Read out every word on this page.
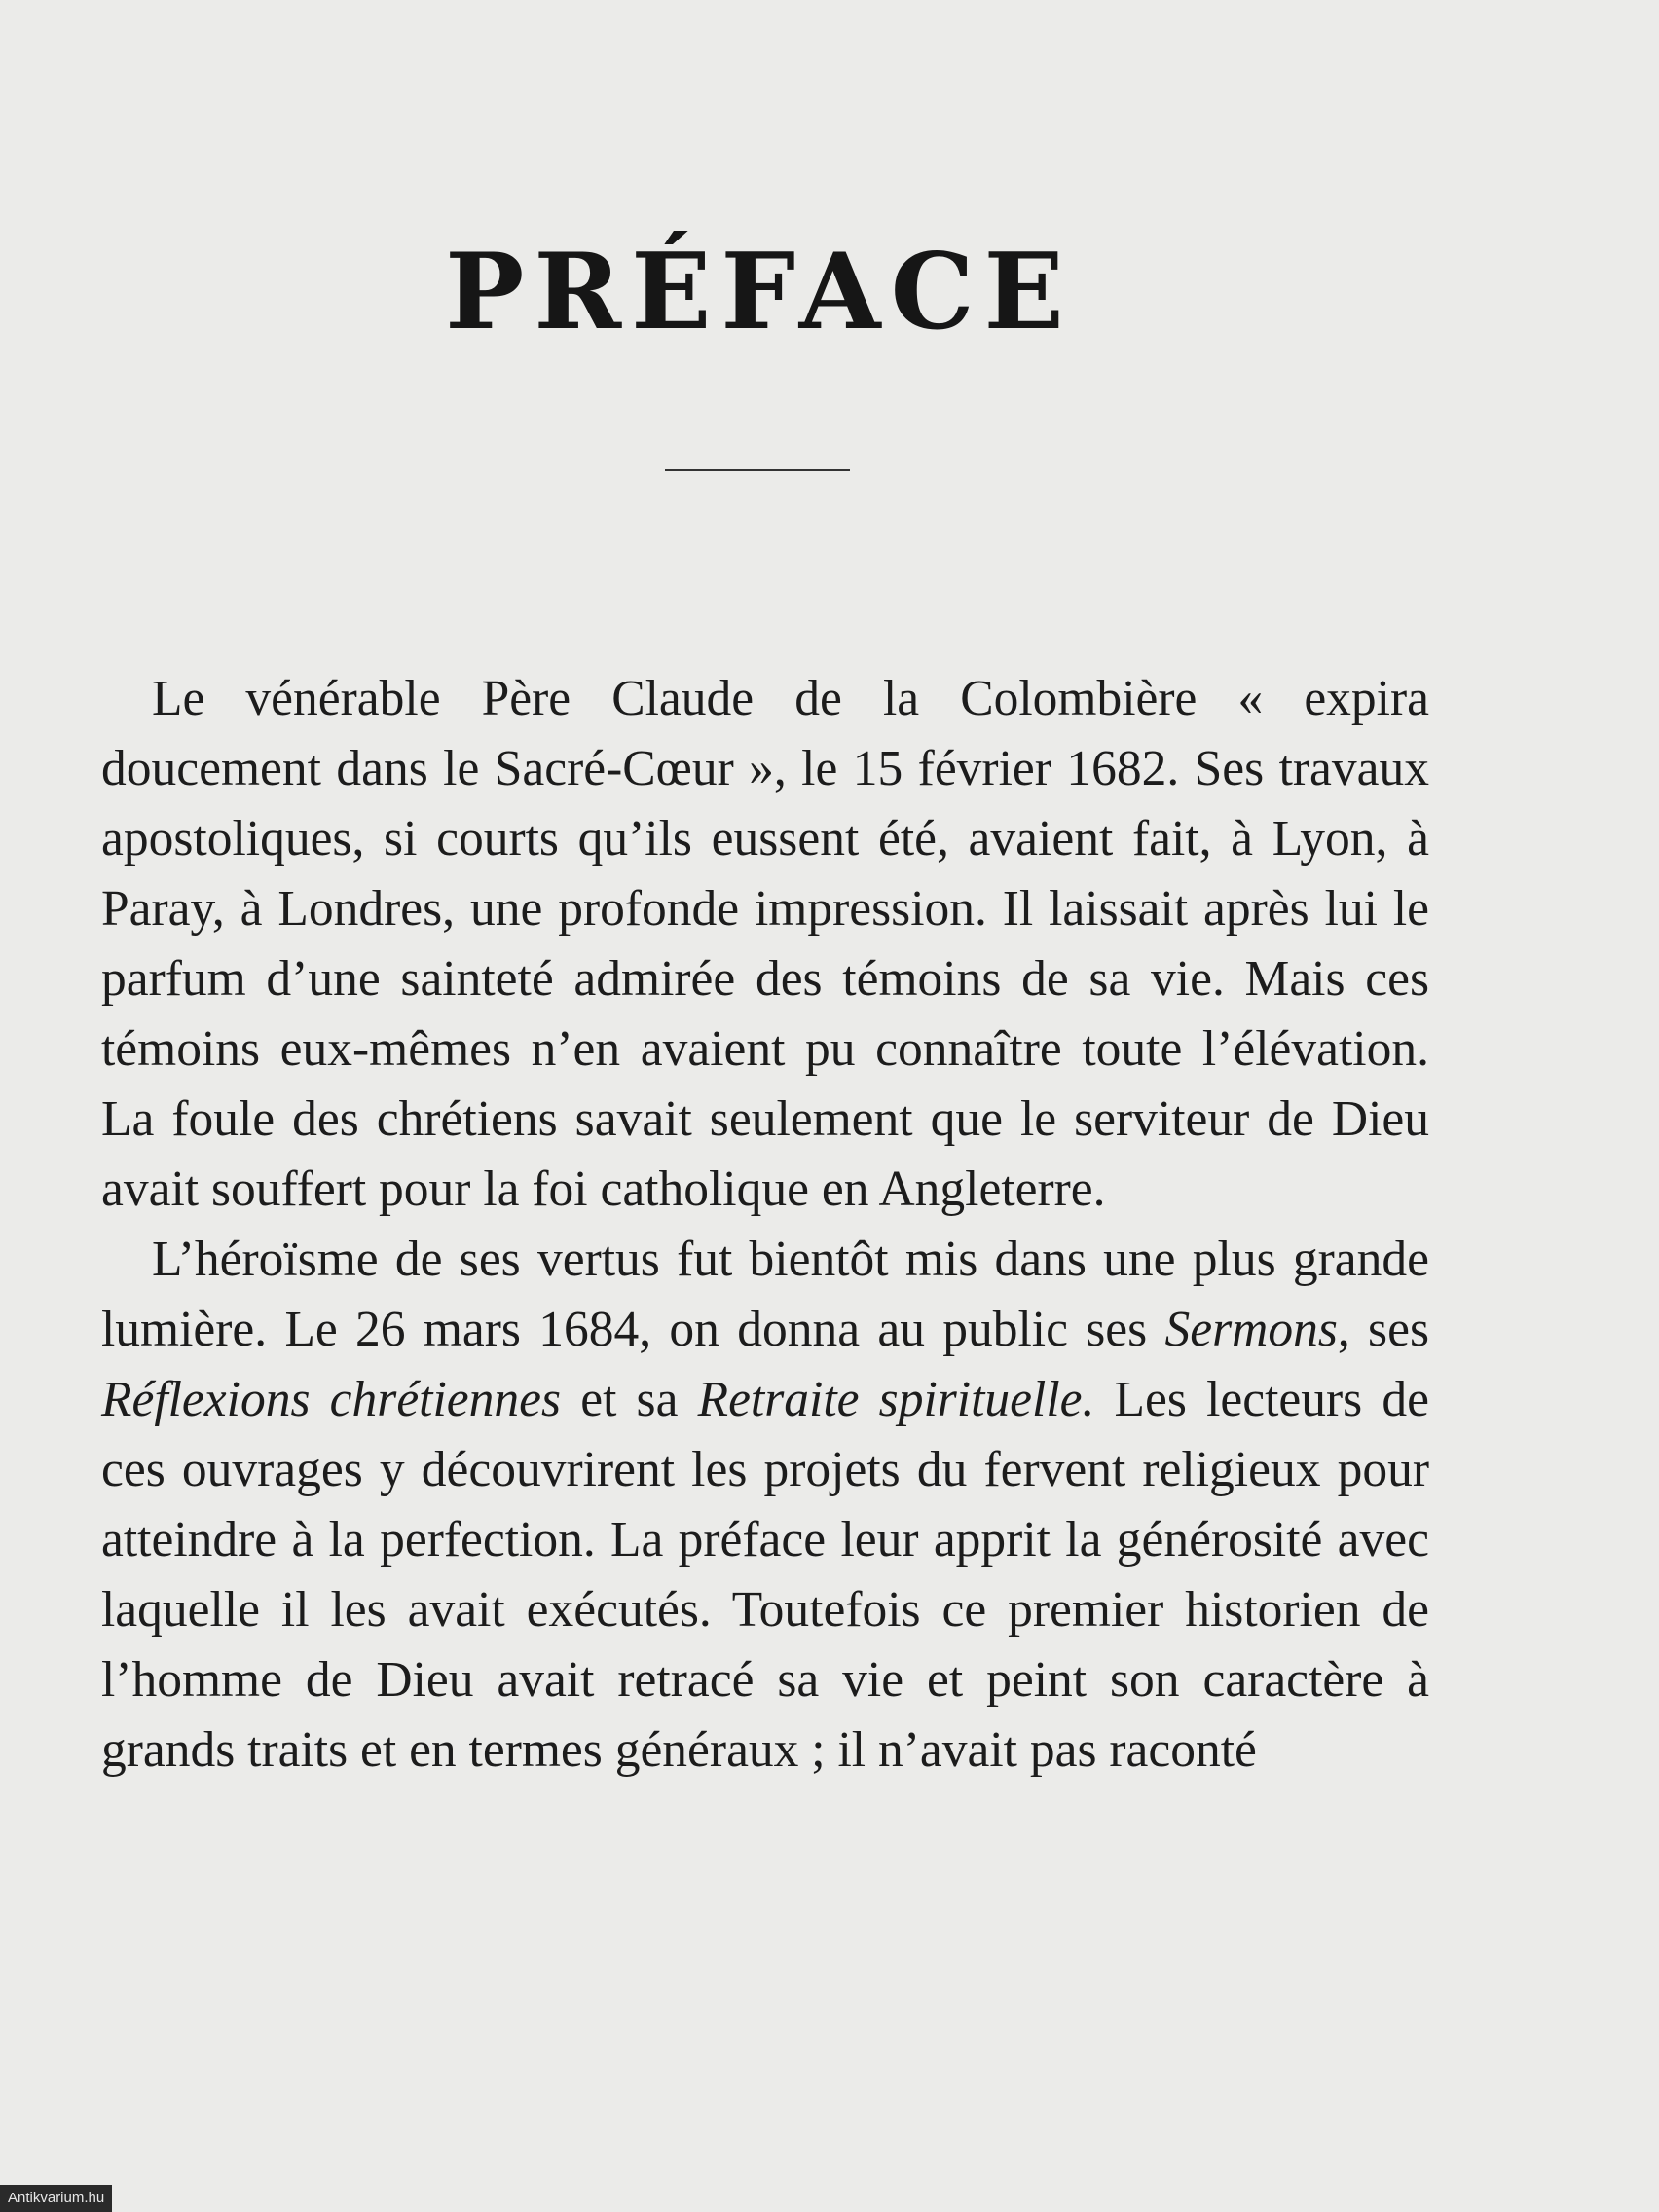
PRÉFACE

Le vénérable Père Claude de la Colombière « expira doucement dans le Sacré-Cœur », le 15 février 1682. Ses travaux apostoliques, si courts qu’ils eussent été, avaient fait, à Lyon, à Paray, à Londres, une profonde impression. Il laissait après lui le parfum d’une sainteté admirée des témoins de sa vie. Mais ces témoins eux-mêmes n’en avaient pu connaître toute l’élévation. La foule des chrétiens savait seulement que le serviteur de Dieu avait souffert pour la foi catholique en Angleterre.

L’héroïsme de ses vertus fut bientôt mis dans une plus grande lumière. Le 26 mars 1684, on donna au public ses Sermons, ses Réflexions chrétiennes et sa Retraite spirituelle. Les lecteurs de ces ouvrages y découvrirent les projets du fervent religieux pour atteindre à la perfection. La préface leur apprit la générosité avec laquelle il les avait exécutés. Toutefois ce premier historien de l’homme de Dieu avait retracé sa vie et peint son caractère à grands traits et en termes généraux ; il n’avait pas raconté

Antikvarium.hu
